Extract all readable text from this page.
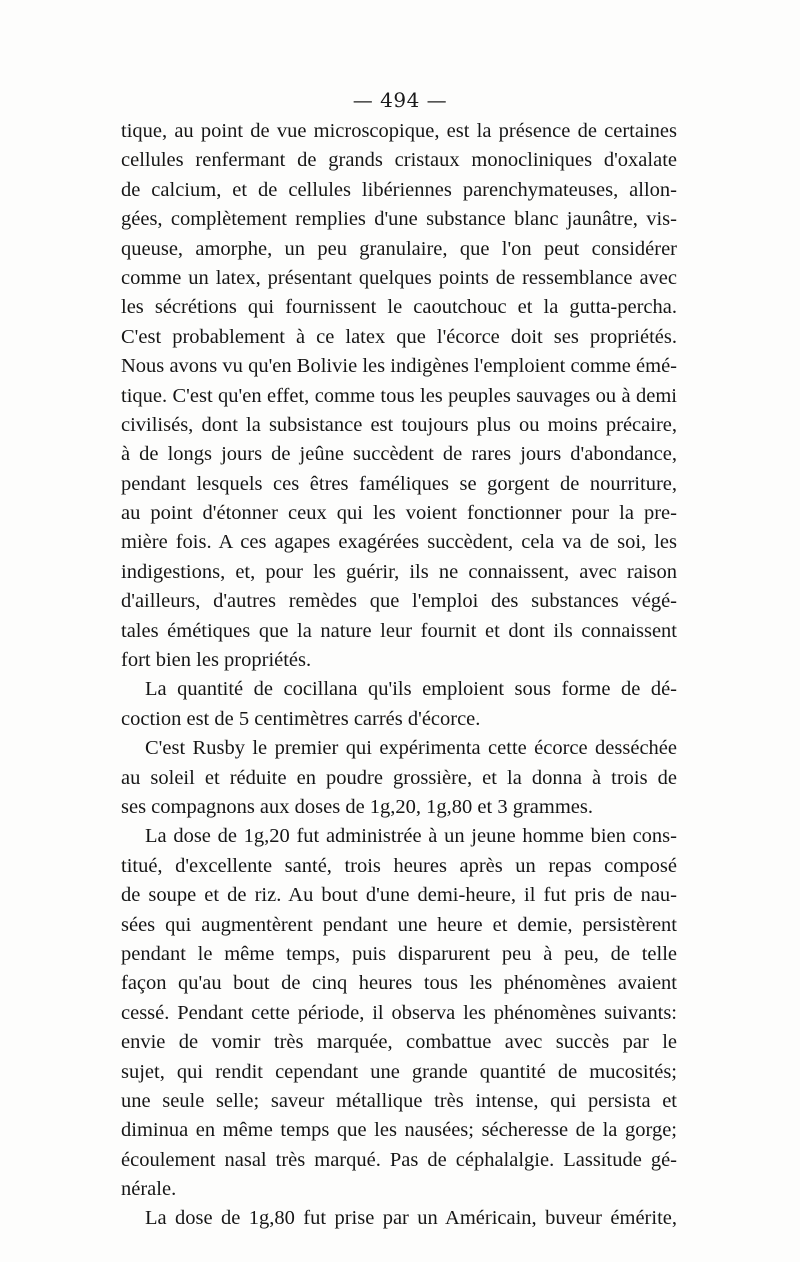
— 494 —
tique, au point de vue microscopique, est la présence de certaines
cellules renfermant de grands cristaux monocliniques d'oxalate
de calcium, et de cellules libériennes parenchymateuses, allon-
gées, complètement remplies d'une substance blanc jaunâtre, vis-
queuse, amorphe, un peu granulaire, que l'on peut considérer
comme un latex, présentant quelques points de ressemblance avec
les sécrétions qui fournissent le caoutchouc et la gutta-percha.
C'est probablement à ce latex que l'écorce doit ses propriétés.
Nous avons vu qu'en Bolivie les indigènes l'emploient comme émé-
tique. C'est qu'en effet, comme tous les peuples sauvages ou à demi
civilisés, dont la subsistance est toujours plus ou moins précaire,
à de longs jours de jeûne succèdent de rares jours d'abondance,
pendant lesquels ces êtres faméliques se gorgent de nourriture,
au point d'étonner ceux qui les voient fonctionner pour la pre-
mière fois. A ces agapes exagérées succèdent, cela va de soi, les
indigestions, et, pour les guérir, ils ne connaissent, avec raison
d'ailleurs, d'autres remèdes que l'emploi des substances végé-
tales émétiques que la nature leur fournit et dont ils connaissent
fort bien les propriétés.
La quantité de cocillana qu'ils emploient sous forme de dé-
coction est de 5 centimètres carrés d'écorce.
C'est Rusby le premier qui expérimenta cette écorce desséchée
au soleil et réduite en poudre grossière, et la donna à trois de
ses compagnons aux doses de 1g,20, 1g,80 et 3 grammes.
La dose de 1g,20 fut administrée à un jeune homme bien cons-
titué, d'excellente santé, trois heures après un repas composé
de soupe et de riz. Au bout d'une demi-heure, il fut pris de nau-
sées qui augmentèrent pendant une heure et demie, persistèrent
pendant le même temps, puis disparurent peu à peu, de telle
façon qu'au bout de cinq heures tous les phénomènes avaient
cessé. Pendant cette période, il observa les phénomènes suivants:
envie de vomir très marquée, combattue avec succès par le
sujet, qui rendit cependant une grande quantité de mucosités;
une seule selle; saveur métallique très intense, qui persista et
diminua en même temps que les nausées; sécheresse de la gorge;
écoulement nasal très marqué. Pas de céphalalgie. Lassitude gé-
nérale.
La dose de 1g,80 fut prise par un Américain, buveur émérite,
